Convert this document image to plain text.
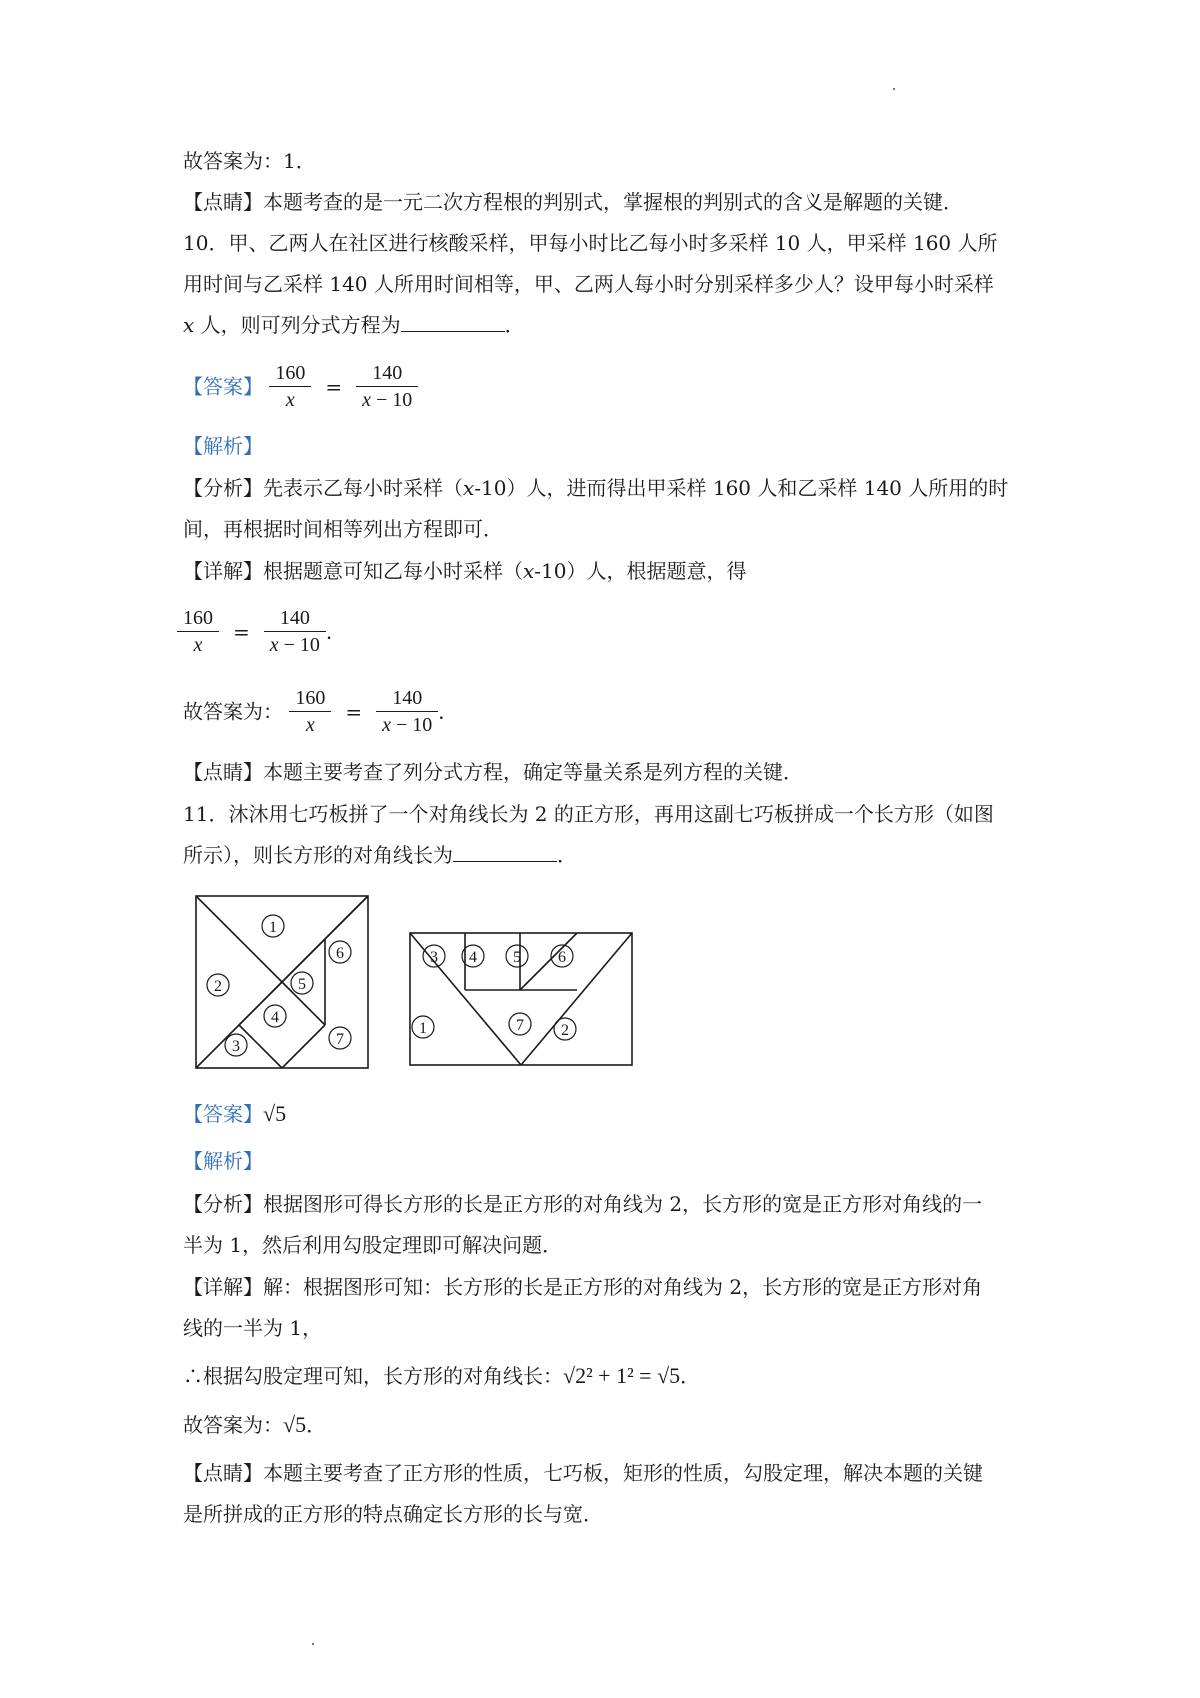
故答案为：1．
【点睛】本题考查的是一元二次方程根的判别式，掌握根的判别式的含义是解题的关键．
10．甲、乙两人在社区进行核酸采样，甲每小时比乙每小时多采样 10 人，甲采样 160 人所
用时间与乙采样 140 人所用时间相等，甲、乙两人每小时分别采样多少人？设甲每小时采样
x 人，则可列分式方程为	．
【答案】 $\frac{160}{x} = \frac{140}{x - 10}$
【解析】
【分析】先表示乙每小时采样（x-10）人，进而得出甲采样 160 人和乙采样 140 人所用的时
间，再根据时间相等列出方程即可．
【详解】根据题意可知乙每小时采样（x-10）人，根据题意，得
$\frac{160}{x} = \frac{140}{x - 10}$ ．
故答案为： $\frac{160}{x} = \frac{140}{x - 10}$ ．
【点睛】本题主要考查了列分式方程，确定等量关系是列方程的关键．
11．沐沐用七巧板拼了一个对角线长为 2 的正方形，再用这副七巧板拼成一个长方形（如图
所示），则长方形的对角线长为	．
1
2
3
4
5
6
7
3 4 5 6
1	7 2
【答案】√5
【解析】
【分析】根据图形可得长方形的长是正方形的对角线为 2，长方形的宽是正方形对角线的一
半为 1，然后利用勾股定理即可解决问题．
【详解】解：根据图形可知：长方形的长是正方形的对角线为 2，长方形的宽是正方形对角
线的一半为 1，
∴根据勾股定理可知，长方形的对角线长：√2² + 1² = √5．
故答案为：√5．
【点睛】本题主要考查了正方形的性质，七巧板，矩形的性质，勾股定理，解决本题的关键
是所拼成的正方形的特点确定长方形的长与宽．
